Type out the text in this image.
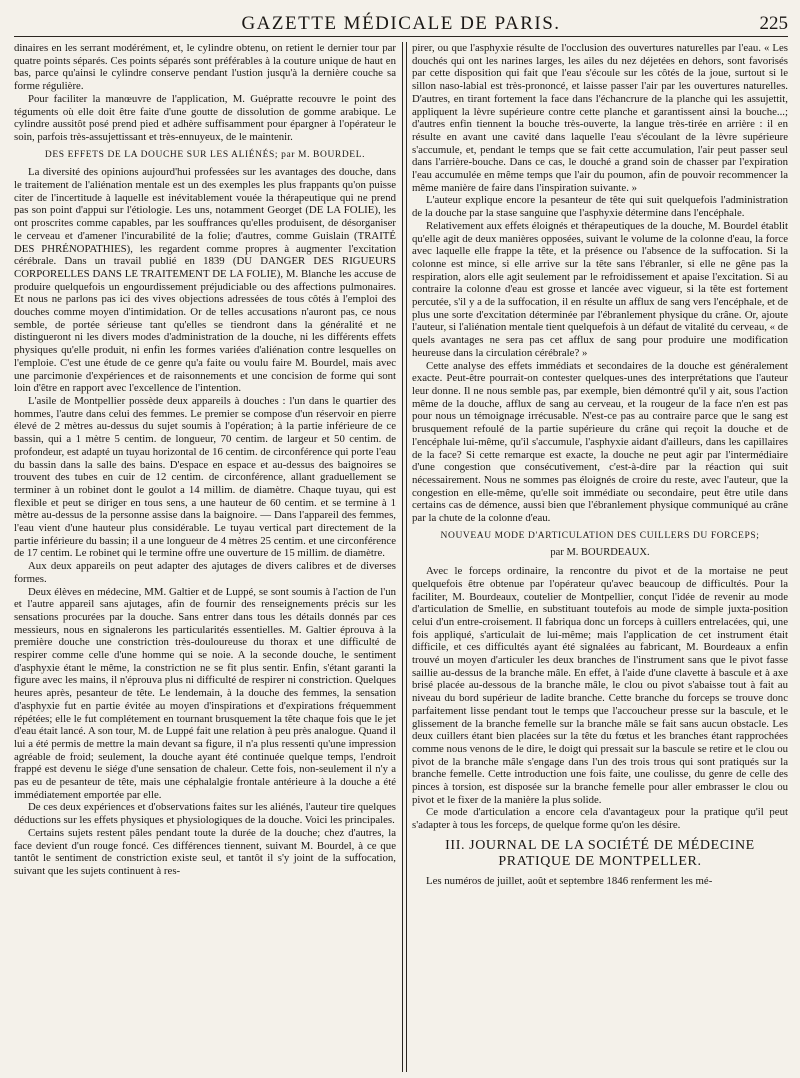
GAZETTE MÉDICALE DE PARIS.	225

dinaires en les serrant modérément, et, le cylindre obtenu, on retient le dernier tour par quatre points séparés. Ces points séparés sont préférables à la couture unique de haut en bas, parce qu'ainsi le cylindre conserve pendant l'ustion jusqu'à la dernière couche sa forme régulière.

Pour faciliter la manœuvre de l'application, M. Guépratte recouvre le point des téguments où elle doit être faite d'une goutte de dissolution de gomme arabique. Le cylindre aussitôt posé prend pied et adhère suffisamment pour épargner à l'opérateur le soin, parfois très-assujettissant et très-ennuyeux, de le maintenir.

DES EFFETS DE LA DOUCHE SUR LES ALIÉNÉS; par M. BOURDEL.

La diversité des opinions aujourd'hui professées sur les avantages des douche, dans le traitement de l'aliénation mentale est un des exemples les plus frappants qu'on puisse citer de l'incertitude à laquelle est inévitablement vouée la thérapeutique qui ne prend pas son point d'appui sur l'étiologie. Les uns, notamment Georget (DE LA FOLIE), les ont proscrites comme capables, par les souffrances qu'elles produisent, de désorganiser le cerveau et d'amener l'incurabilité de la folie; d'autres, comme Guislain (TRAITÉ DES PHRÉNOPATHIES), les regardent comme propres à augmenter l'excitation cérébrale. Dans un travail publié en 1839 (DU DANGER DES RIGUEURS CORPORELLES DANS LE TRAITEMENT DE LA FOLIE), M. Blanche les accuse de produire quelquefois un engourdissement préjudiciable ou des affections pulmonaires. Et nous ne parlons pas ici des vives objections adressées de tous côtés à l'emploi des douches comme moyen d'intimidation. Or de telles accusations n'auront pas, ce nous semble, de portée sérieuse tant qu'elles se tiendront dans la généralité et ne distingueront ni les divers modes d'administration de la douche, ni les différents effets physiques qu'elle produit, ni enfin les formes variées d'aliénation contre lesquelles on l'emploie. C'est une étude de ce genre qu'a faite ou voulu faire M. Bourdel, mais avec une parcimonie d'expériences et de raisonnements et une concision de forme qui sont loin d'être en rapport avec l'excellence de l'intention.

L'asile de Montpellier possède deux appareils à douches : l'un dans le quartier des hommes, l'autre dans celui des femmes. Le premier se compose d'un réservoir en pierre élevé de 2 mètres au-dessus du sujet soumis à l'opération; à la partie inférieure de ce bassin, qui a 1 mètre 5 centim. de longueur, 70 centim. de largeur et 50 centim. de profondeur, est adapté un tuyau horizontal de 16 centim. de circonférence qui porte l'eau du bassin dans la salle des bains. D'espace en espace et au-dessus des baignoires se trouvent des tubes en cuir de 12 centim. de circonférence, allant graduellement se terminer à un robinet dont le goulot a 14 millim. de diamètre. Chaque tuyau, qui est flexible et peut se diriger en tous sens, a une hauteur de 60 centim. et se termine à 1 mètre au-dessus de la personne assise dans la baignoire. — Dans l'appareil des femmes, l'eau vient d'une hauteur plus considérable. Le tuyau vertical part directement de la partie inférieure du bassin; il a une longueur de 4 mètres 25 centim. et une circonférence de 17 centim. Le robinet qui le termine offre une ouverture de 15 millim. de diamètre.

Aux deux appareils on peut adapter des ajutages de divers calibres et de diverses formes.

Deux élèves en médecine, MM. Galtier et de Luppé, se sont soumis à l'action de l'un et l'autre appareil sans ajutages, afin de fournir des renseignements précis sur les sensations procurées par la douche. Sans entrer dans tous les détails donnés par ces messieurs, nous en signalerons les particularités essentielles. M. Galtier éprouva à la première douche une constriction très-douloureuse du thorax et une difficulté de respirer comme celle d'une homme qui se noie. A la seconde douche, le sentiment d'asphyxie étant le même, la constriction ne se fit plus sentir. Enfin, s'étant garanti la figure avec les mains, il n'éprouva plus ni difficulté de respirer ni constriction. Quelques heures après, pesanteur de tête. Le lendemain, à la douche des femmes, la sensation d'asphyxie fut en partie évitée au moyen d'inspirations et d'expirations fréquemment répétées; elle le fut complétement en tournant brusquement la tête chaque fois que le jet d'eau était lancé. A son tour, M. de Luppé fait une relation à peu près analogue. Quand il lui a été permis de mettre la main devant sa figure, il n'a plus ressenti qu'une impression agréable de froid; seulement, la douche ayant été continuée quelque temps, l'endroit frappé est devenu le siége d'une sensation de chaleur. Cette fois, non-seulement il n'y a pas eu de pesanteur de tête, mais une céphalalgie frontale antérieure à la douche a été immédiatement emportée par elle.

De ces deux expériences et d'observations faites sur les aliénés, l'auteur tire quelques déductions sur les effets physiques et physiologiques de la douche. Voici les principales.

Certains sujets restent pâles pendant toute la durée de la douche; chez d'autres, la face devient d'un rouge foncé. Ces différences tiennent, suivant M. Bourdel, à ce que tantôt le sentiment de constriction existe seul, et tantôt il s'y joint de la suffocation, suivant que les sujets continuent à res-

pirer, ou que l'asphyxie résulte de l'occlusion des ouvertures naturelles par l'eau. « Les douchés qui ont les narines larges, les ailes du nez déjetées en dehors, sont favorisés par cette disposition qui fait que l'eau s'écoule sur les côtés de la joue, surtout si le sillon naso-labial est très-prononcé, et laisse passer l'air par les ouvertures naturelles. D'autres, en tirant fortement la face dans l'échancrure de la planche qui les assujettit, appliquent la lèvre supérieure contre cette planche et garantissent ainsi la bouche...; d'autres enfin tiennent la bouche très-ouverte, la langue très-tirée en arrière : il en résulte en avant une cavité dans laquelle l'eau s'écoulant de la lèvre supérieure s'accumule, et, pendant le temps que se fait cette accumulation, l'air peut passer seul dans l'arrière-bouche. Dans ce cas, le douché a grand soin de chasser par l'expiration l'eau accumulée en même temps que l'air du poumon, afin de pouvoir recommencer la même manière de faire dans l'inspiration suivante. »

L'auteur explique encore la pesanteur de tête qui suit quelquefois l'administration de la douche par la stase sanguine que l'asphyxie détermine dans l'encéphale.

Relativement aux effets éloignés et thérapeutiques de la douche, M. Bourdel établit qu'elle agit de deux manières opposées, suivant le volume de la colonne d'eau, la force avec laquelle elle frappe la tête, et la présence ou l'absence de la suffocation. Si la colonne est mince, si elle arrive sur la tête sans l'ébranler, si elle ne gêne pas la respiration, alors elle agit seulement par le refroidissement et apaise l'excitation. Si au contraire la colonne d'eau est grosse et lancée avec vigueur, si la tête est fortement percutée, s'il y a de la suffocation, il en résulte un afflux de sang vers l'encéphale, et de plus une sorte d'excitation déterminée par l'ébranlement physique du crâne. Or, ajoute l'auteur, si l'aliénation mentale tient quelquefois à un défaut de vitalité du cerveau, « de quels avantages ne sera pas cet afflux de sang pour produire une modification heureuse dans la circulation cérébrale? »

Cette analyse des effets immédiats et secondaires de la douche est généralement exacte. Peut-être pourrait-on contester quelques-unes des interprétations que l'auteur leur donne. Il ne nous semble pas, par exemple, bien démontré qu'il y ait, sous l'action même de la douche, afflux de sang au cerveau, et la rougeur de la face n'en est pas pour nous un témoignage irrécusable. N'est-ce pas au contraire parce que le sang est brusquement refoulé de la partie supérieure du crâne qui reçoit la douche et de l'encéphale lui-même, qu'il s'accumule, l'asphyxie aidant d'ailleurs, dans les capillaires de la face? Si cette remarque est exacte, la douche ne peut agir par l'intermédiaire d'une congestion que consécutivement, c'est-à-dire par la réaction qui suit nécessairement. Nous ne sommes pas éloignés de croire du reste, avec l'auteur, que la congestion en elle-même, qu'elle soit immédiate ou secondaire, peut être utile dans certains cas de démence, aussi bien que l'ébranlement physique communiqué au crâne par la chute de la colonne d'eau.

NOUVEAU MODE D'ARTICULATION DES CUILLERS DU FORCEPS;
par M. BOURDEAUX.

Avec le forceps ordinaire, la rencontre du pivot et de la mortaise ne peut quelquefois être obtenue par l'opérateur qu'avec beaucoup de difficultés. Pour la faciliter, M. Bourdeaux, coutelier de Montpellier, conçut l'idée de revenir au mode d'articulation de Smellie, en substituant toutefois au mode de simple juxta-position celui d'un entre-croisement. Il fabriqua donc un forceps à cuillers entrelacées, qui, une fois appliqué, s'articulait de lui-même; mais l'application de cet instrument était difficile, et ces difficultés ayant été signalées au fabricant, M. Bourdeaux a enfin trouvé un moyen d'articuler les deux branches de l'instrument sans que le pivot fasse saillie au-dessus de la branche mâle. En effet, à l'aide d'une clavette à bascule et à axe brisé placée au-dessous de la branche mâle, le clou ou pivot s'abaisse tout à fait au niveau du bord supérieur de ladite branche. Cette branche du forceps se trouve donc parfaitement lisse pendant tout le temps que l'accoucheur presse sur la bascule, et le glissement de la branche femelle sur la branche mâle se fait sans aucun obstacle. Les deux cuillers étant bien placées sur la tête du fœtus et les branches étant rapprochées comme nous venons de le dire, le doigt qui pressait sur la bascule se retire et le clou ou pivot de la branche mâle s'engage dans l'un des trois trous qui sont pratiqués sur la branche femelle. Cette introduction une fois faite, une coulisse, du genre de celle des pinces à torsion, est disposée sur la branche femelle pour aller embrasser le clou ou pivot et le fixer de la manière la plus solide.

Ce mode d'articulation a encore cela d'avantageux pour la pratique qu'il peut s'adapter à tous les forceps, de quelque forme qu'on les désire.

III. JOURNAL DE LA SOCIÉTÉ DE MÉDECINE PRATIQUE DE MONTPELLER.

Les numéros de juillet, août et septembre 1846 renferment les mé-
